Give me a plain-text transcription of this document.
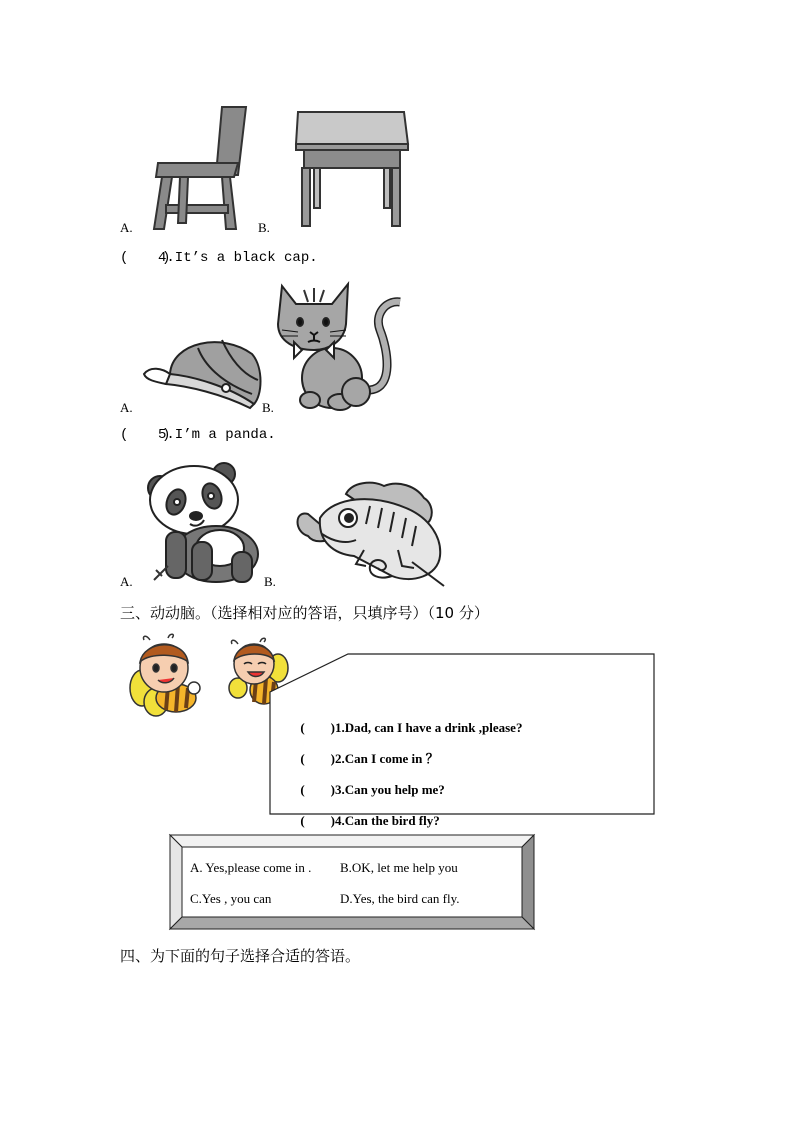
A.	B.
(    )
4.It’s a black cap.
A.	B.
(    )
5.I’m a panda.
A.	B.
三、动动脑。（选择相对应的答语，只填序号）（10 分）

(        )1.Dad, can I have a drink ,please?

(        )2.Can I come in ？

(        )3.Can you help me?

(        )4.Can the bird fly?

A. Yes,please come in . B.OK, let me help you
C.Yes , you can	D.Yes, the bird can fly.
四、为下面的句子选择合适的答语。
